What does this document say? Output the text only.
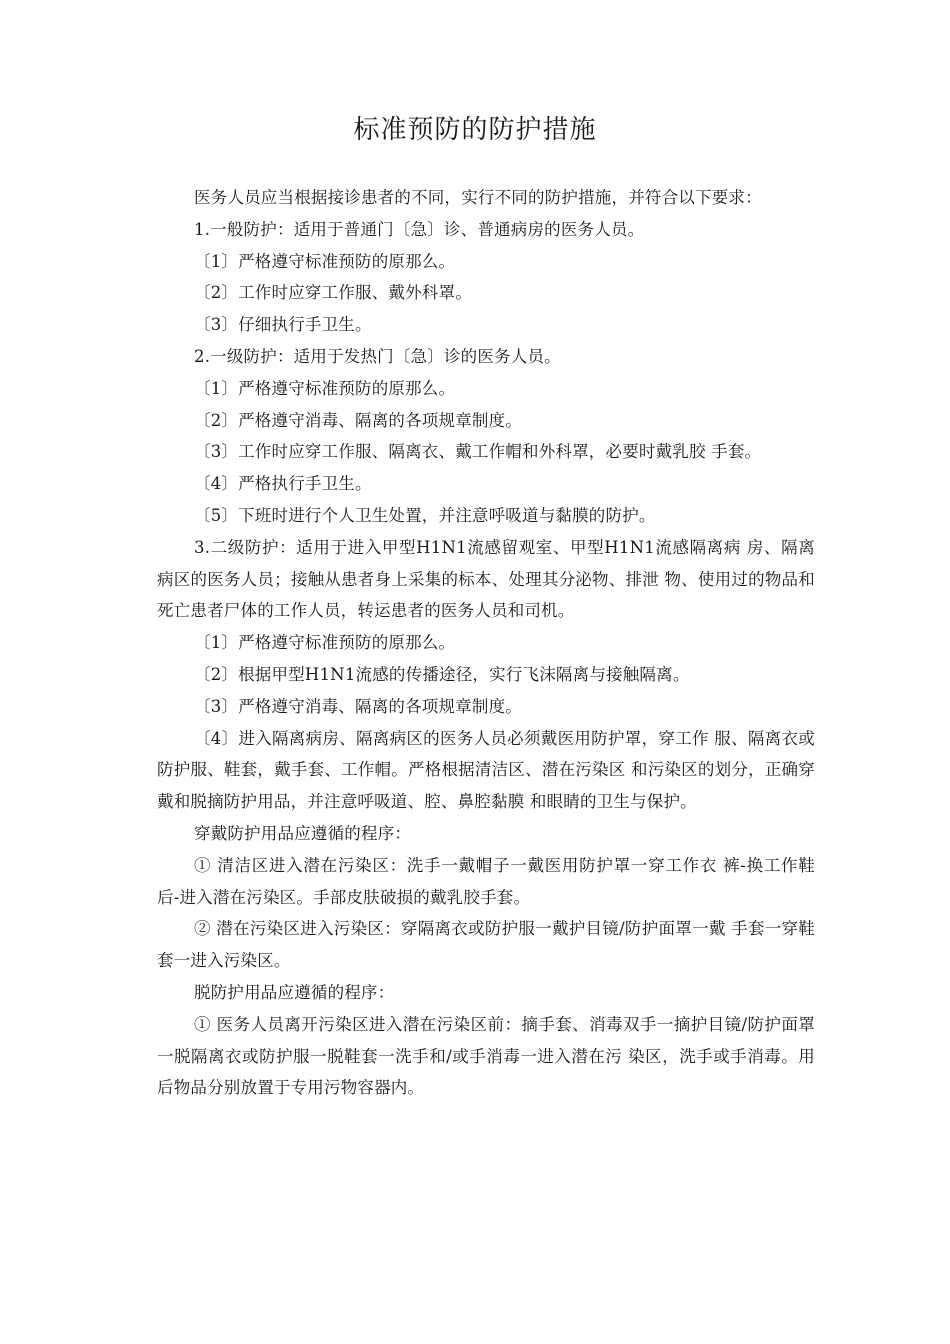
标准预防的防护措施

医务人员应当根据接诊患者的不同，实行不同的防护措施，并符合以下要求：

1.一般防护：适用于普通门〔急〕诊、普通病房的医务人员。

〔1〕严格遵守标准预防的原那么。

〔2〕工作时应穿工作服、戴外科罩。

〔3〕仔细执行手卫生。

2.一级防护：适用于发热门〔急〕诊的医务人员。

〔1〕严格遵守标准预防的原那么。

〔2〕严格遵守消毒、隔离的各项规章制度。

〔3〕工作时应穿工作服、隔离衣、戴工作帽和外科罩，必要时戴乳胶 手套。

〔4〕严格执行手卫生。

〔5〕下班时进行个人卫生处置，并注意呼吸道与黏膜的防护。

3.二级防护：适用于进入甲型H1N1流感留观室、甲型H1N1流感隔离病 房、隔离病区的医务人员；接触从患者身上采集的标本、处理其分泌物、排泄 物、使用过的物品和死亡患者尸体的工作人员，转运患者的医务人员和司机。

〔1〕严格遵守标准预防的原那么。

〔2〕根据甲型H1N1流感的传播途径，实行飞沫隔离与接触隔离。

〔3〕严格遵守消毒、隔离的各项规章制度。

〔4〕进入隔离病房、隔离病区的医务人员必须戴医用防护罩，穿工作 服、隔离衣或防护服、鞋套，戴手套、工作帽。严格根据清洁区、潜在污染区 和污染区的划分，正确穿戴和脱摘防护用品，并注意呼吸道、腔、鼻腔黏膜 和眼睛的卫生与保护。

穿戴防护用品应遵循的程序：

① 清洁区进入潜在污染区：洗手一戴帽子一戴医用防护罩一穿工作衣 裤-换工作鞋后-进入潜在污染区。手部皮肤破损的戴乳胶手套。

② 潜在污染区进入污染区：穿隔离衣或防护服一戴护目镜/防护面罩一戴 手套一穿鞋套一进入污染区。

脱防护用品应遵循的程序：

① 医务人员离开污染区进入潜在污染区前：摘手套、消毒双手一摘护目镜/防护面罩一脱隔离衣或防护服一脱鞋套一洗手和/或手消毒一进入潜在污 染区，洗手或手消毒。用后物品分别放置于专用污物容器内。
